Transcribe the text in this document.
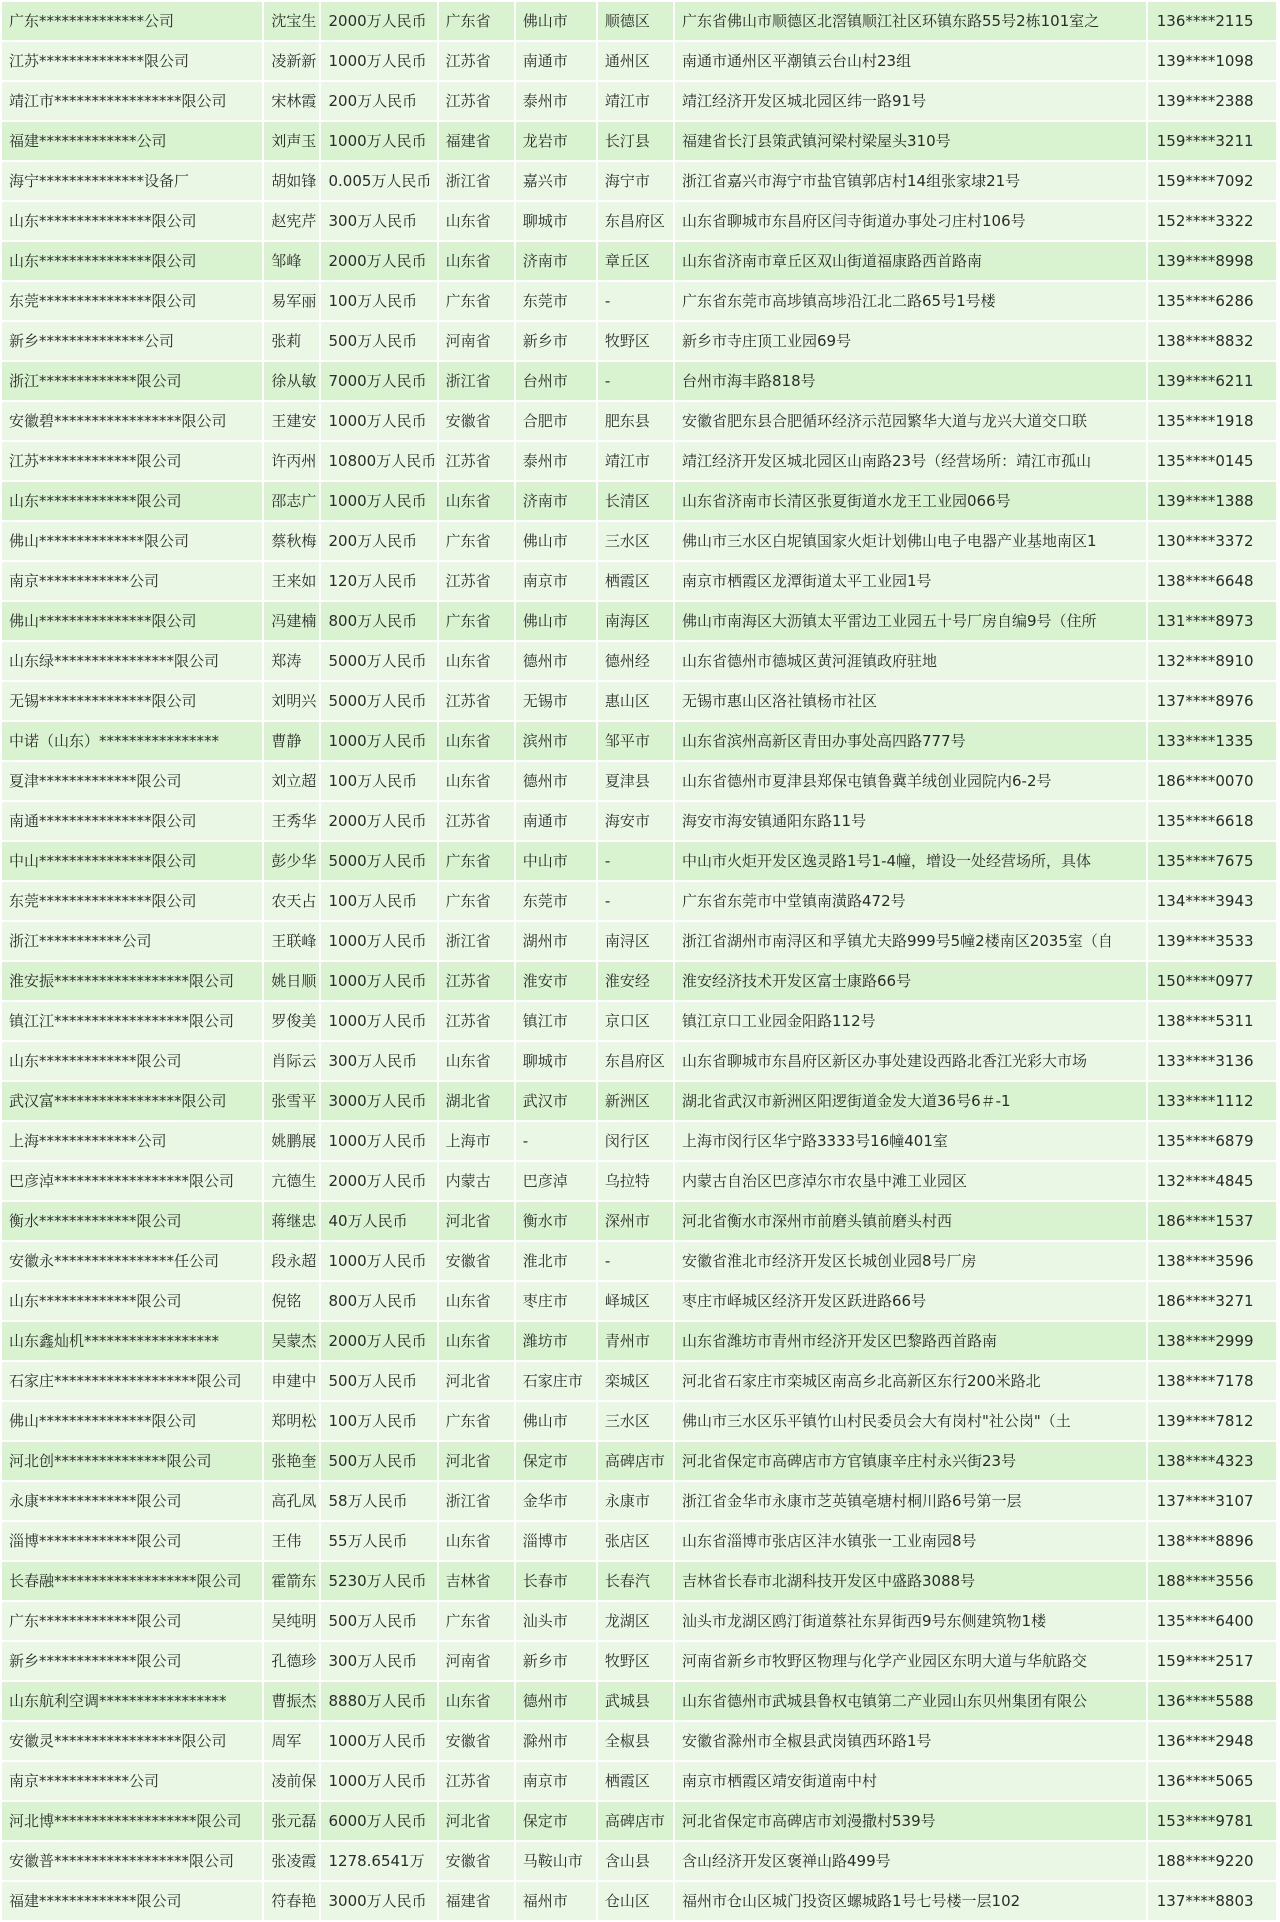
广东**************公司	沈宝生	2000万人民币	广东省	佛山市	顺德区	广东省佛山市顺德区北滘镇顺江社区环镇东路55号2栋101室之	136****2115
江苏**************限公司	凌新新	1000万人民币	江苏省	南通市	通州区	南通市通州区平潮镇云台山村23组	139****1098
靖江市*****************限公司	宋林霞	200万人民币	江苏省	泰州市	靖江市	靖江经济开发区城北园区纬一路91号	139****2388
福建*************公司	刘声玉	1000万人民币	福建省	龙岩市	长汀县	福建省长汀县策武镇河梁村梁屋头310号	159****3211
海宁**************设备厂	胡如锋	0.005万人民币	浙江省	嘉兴市	海宁市	浙江省嘉兴市海宁市盐官镇郭店村14组张家埭21号	159****7092
山东***************限公司	赵宪芹	300万人民币	山东省	聊城市	东昌府区	山东省聊城市东昌府区闫寺街道办事处刁庄村106号	152****3322
山东***************限公司	邹峰	2000万人民币	山东省	济南市	章丘区	山东省济南市章丘区双山街道福康路西首路南	139****8998
东莞***************限公司	易军丽	100万人民币	广东省	东莞市	-	广东省东莞市高埗镇高埗沿江北二路65号1号楼	135****6286
新乡**************公司	张莉	500万人民币	河南省	新乡市	牧野区	新乡市寺庄顶工业园69号	138****8832
浙江*************限公司	徐从敏	7000万人民币	浙江省	台州市	-	台州市海丰路818号	139****6211
安徽碧*****************限公司	王建安	1000万人民币	安徽省	合肥市	肥东县	安徽省肥东县合肥循环经济示范园繁华大道与龙兴大道交口联	135****1918
江苏*************限公司	许丙州	10800万人民币	江苏省	泰州市	靖江市	靖江经济开发区城北园区山南路23号（经营场所：靖江市孤山	135****0145
山东*************限公司	邵志广	1000万人民币	山东省	济南市	长清区	山东省济南市长清区张夏街道水龙王工业园066号	139****1388
佛山**************限公司	蔡秋梅	200万人民币	广东省	佛山市	三水区	佛山市三水区白坭镇国家火炬计划佛山电子电器产业基地南区1	130****3372
南京************公司	王来如	120万人民币	江苏省	南京市	栖霞区	南京市栖霞区龙潭街道太平工业园1号	138****6648
佛山***************限公司	冯建楠	800万人民币	广东省	佛山市	南海区	佛山市南海区大沥镇太平雷边工业园五十号厂房自编9号（住所	131****8973
山东绿****************限公司	郑涛	5000万人民币	山东省	德州市	德州经	山东省德州市德城区黄河涯镇政府驻地	132****8910
无锡***************限公司	刘明兴	5000万人民币	江苏省	无锡市	惠山区	无锡市惠山区洛社镇杨市社区	137****8976
中诺（山东）****************	曹静	1000万人民币	山东省	滨州市	邹平市	山东省滨州高新区青田办事处高四路777号	133****1335
夏津*************限公司	刘立超	100万人民币	山东省	德州市	夏津县	山东省德州市夏津县郑保屯镇鲁冀羊绒创业园院内6-2号	186****0070
南通***************限公司	王秀华	2000万人民币	江苏省	南通市	海安市	海安市海安镇通阳东路11号	135****6618
中山***************限公司	彭少华	5000万人民币	广东省	中山市	-	中山市火炬开发区逸灵路1号1-4幢，增设一处经营场所，具体	135****7675
东莞***************限公司	农天占	100万人民币	广东省	东莞市	-	广东省东莞市中堂镇南潢路472号	134****3943
浙江***********公司	王联峰	1000万人民币	浙江省	湖州市	南浔区	浙江省湖州市南浔区和孚镇尤夫路999号5幢2楼南区2035室（自	139****3533
淮安振******************限公司	姚日顺	1000万人民币	江苏省	淮安市	淮安经	淮安经济技术开发区富士康路66号	150****0977
镇江江******************限公司	罗俊美	1000万人民币	江苏省	镇江市	京口区	镇江京口工业园金阳路112号	138****5311
山东*************限公司	肖际云	300万人民币	山东省	聊城市	东昌府区	山东省聊城市东昌府区新区办事处建设西路北香江光彩大市场	133****3136
武汉富*****************限公司	张雪平	3000万人民币	湖北省	武汉市	新洲区	湖北省武汉市新洲区阳逻街道金发大道36号6＃-1	133****1112
上海*************公司	姚鹏展	1000万人民币	上海市	-	闵行区	上海市闵行区华宁路3333号16幢401室	135****6879
巴彦淖******************限公司	亢德生	2000万人民币	内蒙古	巴彦淖	乌拉特	内蒙古自治区巴彦淖尔市农垦中滩工业园区	132****4845
衡水*************限公司	蒋继忠	40万人民币	河北省	衡水市	深州市	河北省衡水市深州市前磨头镇前磨头村西	186****1537
安徽永****************任公司	段永超	1000万人民币	安徽省	淮北市	-	安徽省淮北市经济开发区长城创业园8号厂房	138****3596
山东*************限公司	倪铭	800万人民币	山东省	枣庄市	峄城区	枣庄市峄城区经济开发区跃进路66号	186****3271
山东鑫灿机******************	吴蒙杰	2000万人民币	山东省	潍坊市	青州市	山东省潍坊市青州市经济开发区巴黎路西首路南	138****2999
石家庄*******************限公司	申建中	500万人民币	河北省	石家庄市	栾城区	河北省石家庄市栾城区南高乡北高新区东行200米路北	138****7178
佛山***************限公司	郑明松	100万人民币	广东省	佛山市	三水区	佛山市三水区乐平镇竹山村民委员会大有岗村"社公岗"（土	139****7812
河北创***************限公司	张艳奎	500万人民币	河北省	保定市	高碑店市	河北省保定市高碑店市方官镇康辛庄村永兴街23号	138****4323
永康*************限公司	高孔凤	58万人民币	浙江省	金华市	永康市	浙江省金华市永康市芝英镇亳塘村桐川路6号第一层	137****3107
淄博*************限公司	王伟	55万人民币	山东省	淄博市	张店区	山东省淄博市张店区沣水镇张一工业南园8号	138****8896
长春融*******************限公司	霍箭东	5230万人民币	吉林省	长春市	长春汽	吉林省长春市北湖科技开发区中盛路3088号	188****3556
广东*************限公司	吴纯明	500万人民币	广东省	汕头市	龙湖区	汕头市龙湖区鸥汀街道蔡社东昇街西9号东侧建筑物1楼	135****6400
新乡*************限公司	孔德珍	300万人民币	河南省	新乡市	牧野区	河南省新乡市牧野区物理与化学产业园区东明大道与华航路交	159****2517
山东航利空调*****************	曹振杰	8880万人民币	山东省	德州市	武城县	山东省德州市武城县鲁权屯镇第二产业园山东贝州集团有限公	136****5588
安徽灵*****************限公司	周军	1000万人民币	安徽省	滁州市	全椒县	安徽省滁州市全椒县武岗镇西环路1号	136****2948
南京************公司	凌前保	1000万人民币	江苏省	南京市	栖霞区	南京市栖霞区靖安街道南中村	136****5065
河北博*******************限公司	张元磊	6000万人民币	河北省	保定市	高碑店市	河北省保定市高碑店市刘漫撒村539号	153****9781
安徽普******************限公司	张凌霞	1278.6541万	安徽省	马鞍山市	含山县	含山经济开发区褒禅山路499号	188****9220
福建*************限公司	符春艳	3000万人民币	福建省	福州市	仓山区	福州市仓山区城门投资区螺城路1号七号楼一层102	137****8803
